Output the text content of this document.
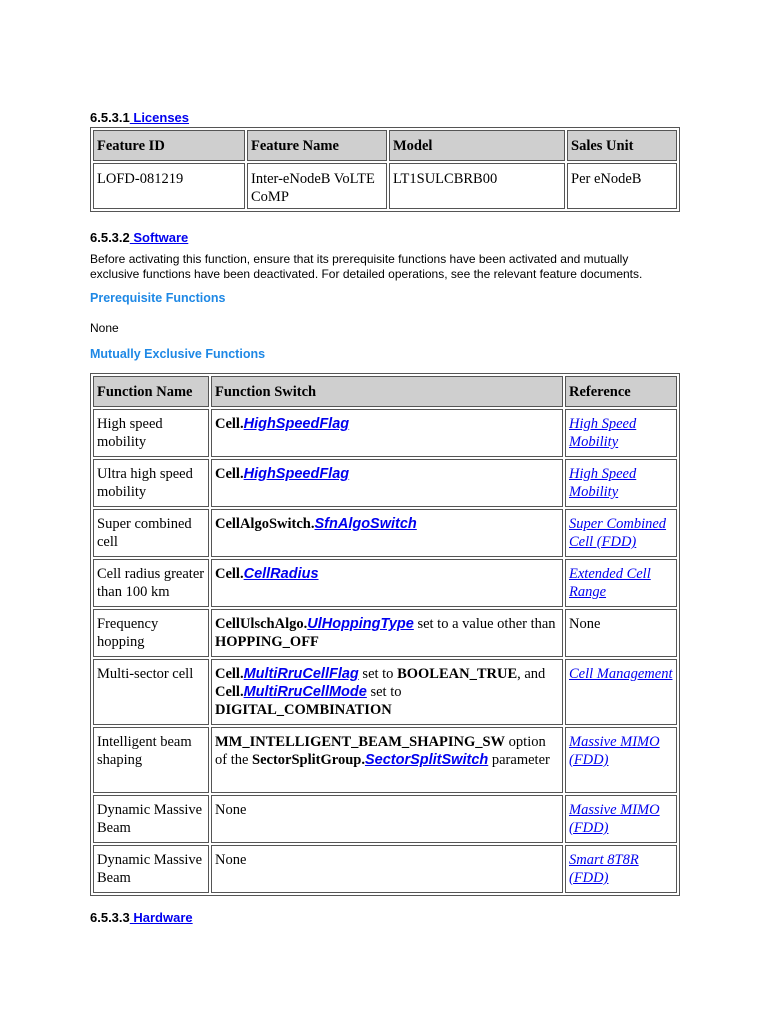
6.5.3.1 Licenses
Feature ID	Feature Name	Model	Sales Unit
LOFD-081219	Inter-eNodeB VoLTE CoMP	LT1SULCBRB00	Per eNodeB
6.5.3.2 Software
Before activating this function, ensure that its prerequisite functions have been activated and mutually exclusive functions have been deactivated. For detailed operations, see the relevant feature documents.
Prerequisite Functions
None
Mutually Exclusive Functions
Function Name	Function Switch	Reference
High speed mobility	Cell.HighSpeedFlag	High Speed Mobility
Ultra high speed mobility	Cell.HighSpeedFlag	High Speed Mobility
Super combined cell	CellAlgoSwitch.SfnAlgoSwitch	Super Combined Cell (FDD)
Cell radius greater than 100 km	Cell.CellRadius	Extended Cell Range
Frequency hopping	CellUlschAlgo.UlHoppingType set to a value other than HOPPING_OFF	None
Multi-sector cell	Cell.MultiRruCellFlag set to BOOLEAN_TRUE, and Cell.MultiRruCellMode set to DIGITAL_COMBINATION	Cell Management
Intelligent beam shaping	MM_INTELLIGENT_BEAM_SHAPING_SW option of the SectorSplitGroup.SectorSplitSwitch parameter	Massive MIMO (FDD)
Dynamic Massive Beam	None	Massive MIMO (FDD)
Dynamic Massive Beam	None	Smart 8T8R (FDD)
6.5.3.3 Hardware
